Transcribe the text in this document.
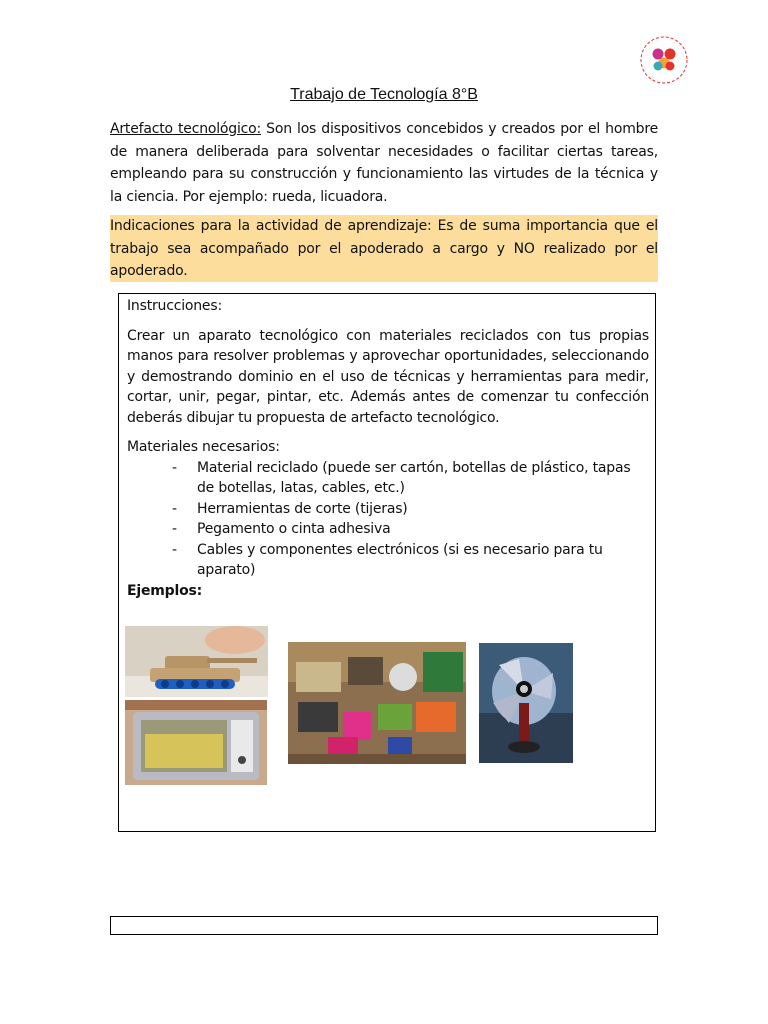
Trabajo de Tecnología 8°B
Artefacto tecnológico: Son los dispositivos concebidos y creados por el hombre de manera deliberada para solventar necesidades o facilitar ciertas tareas, empleando para su construcción y funcionamiento las virtudes de la técnica y la ciencia. Por ejemplo: rueda, licuadora.
Indicaciones para la actividad de aprendizaje: Es de suma importancia que el trabajo sea acompañado por el apoderado a cargo y NO realizado por el apoderado.

Instrucciones:

Crear un aparato tecnológico con materiales reciclados con tus propias manos para resolver problemas y aprovechar oportunidades, seleccionando y demostrando dominio en el uso de técnicas y herramientas para medir, cortar, unir, pegar, pintar, etc. Además antes de comenzar tu confección deberás dibujar tu propuesta de artefacto tecnológico.

Materiales necesarios:

- Material reciclado (puede ser cartón, botellas de plástico, tapas de botellas, latas, cables, etc.)
- Herramientas de corte (tijeras)
- Pegamento o cinta adhesiva
- Cables y componentes electrónicos (si es necesario para tu aparato)

Ejemplos:
